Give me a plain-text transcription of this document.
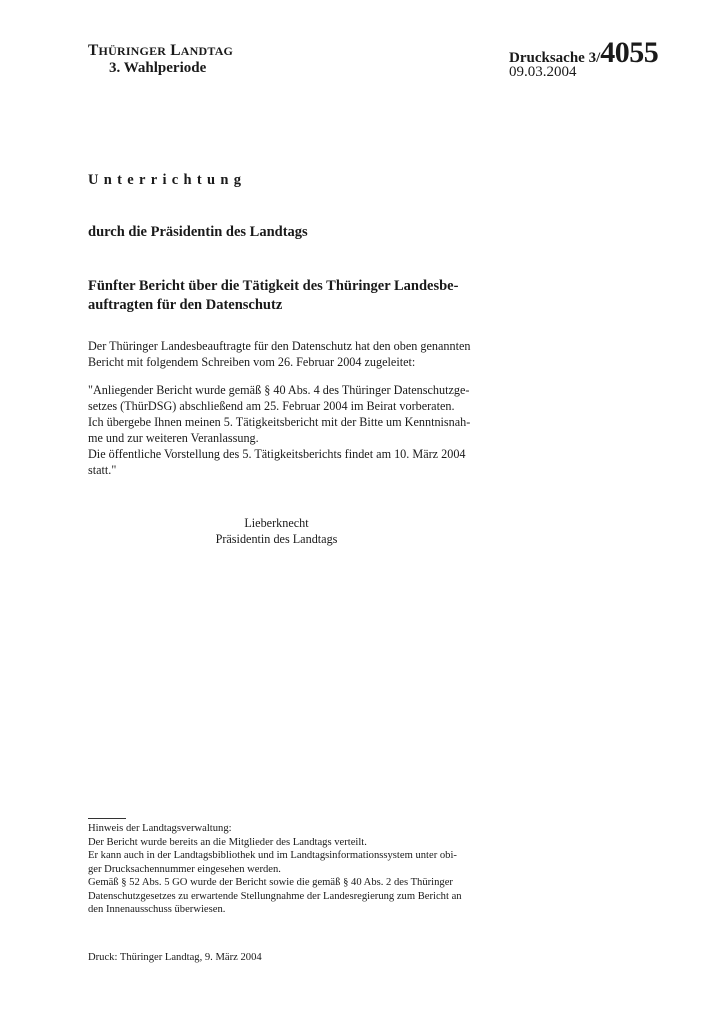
THÜRINGER LANDTAG
3. Wahlperiode
Drucksache 3/4055
09.03.2004
Unterrichtung
durch die Präsidentin des Landtags
Fünfter Bericht über die Tätigkeit des Thüringer Landesbe-
auftragten für den Datenschutz
Der Thüringer Landesbeauftragte für den Datenschutz hat den oben genannten
Bericht mit folgendem Schreiben vom 26. Februar 2004 zugeleitet:
"Anliegender Bericht wurde gemäß § 40 Abs. 4 des Thüringer Datenschutzge-
setzes (ThürDSG) abschließend am 25. Februar 2004 im Beirat vorberaten.
Ich übergebe Ihnen meinen 5. Tätigkeitsbericht mit der Bitte um Kenntnisnah-
me und zur weiteren Veranlassung.
Die öffentliche Vorstellung des 5. Tätigkeitsberichts findet am 10. März 2004
statt."
Lieberknecht
Präsidentin des Landtags
Hinweis der Landtagsverwaltung:
Der Bericht wurde bereits an die Mitglieder des Landtags verteilt.
Er kann auch in der Landtagsbibliothek und im Landtagsinformationssystem unter obi-
ger Drucksachennummer eingesehen werden.
Gemäß § 52 Abs. 5 GO wurde der Bericht sowie die gemäß § 40 Abs. 2 des Thüringer
Datenschutzgesetzes zu erwartende Stellungnahme der Landesregierung zum Bericht an
den Innenausschuss überwiesen.
Druck: Thüringer Landtag, 9. März 2004
